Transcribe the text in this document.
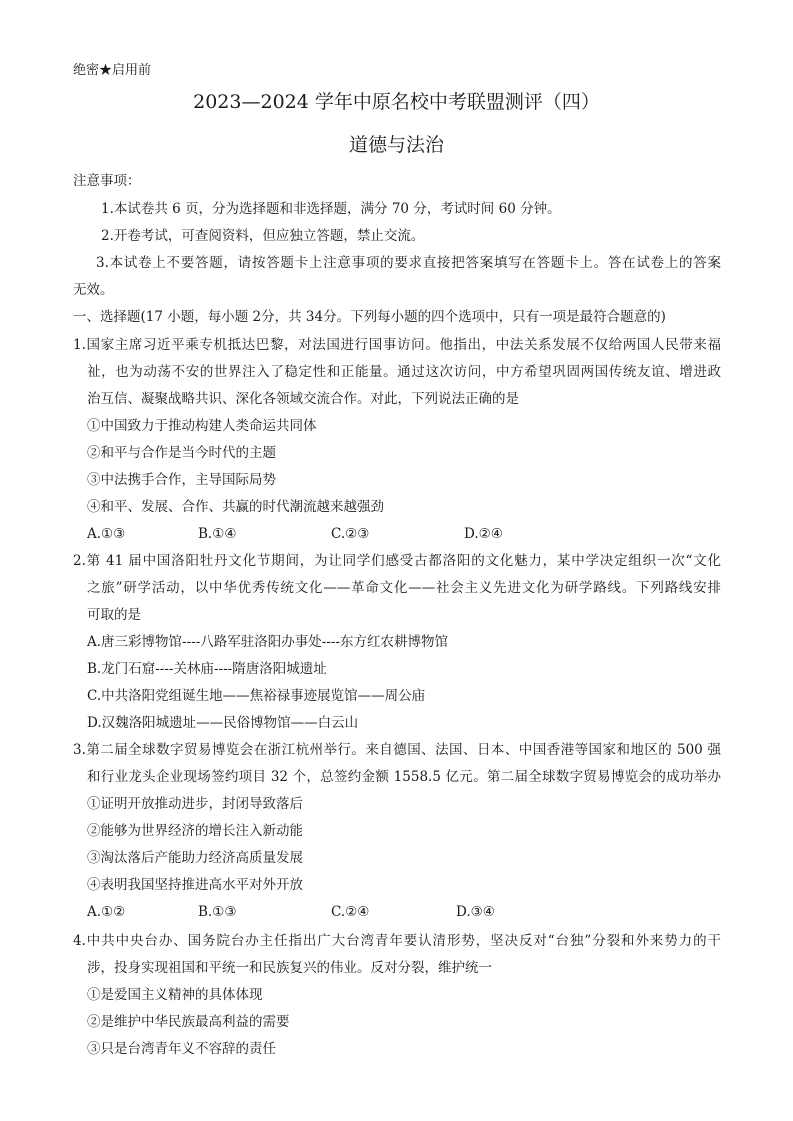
绝密★启用前
2023—2024 学年中原名校中考联盟测评（四）
道德与法治
注意事项：
1.本试卷共 6 页，分为选择题和非选择题，满分 70 分，考试时间 60 分钟。
2.开卷考试，可查阅资料，但应独立答题，禁止交流。
3.本试卷上不要答题，请按答题卡上注意事项的要求直接把答案填写在答题卡上。答在试卷上的答案
无效。
一、选择题(17 小题，每小题 2分，共 34分。下列每小题的四个选项中，只有一项是最符合题意的)
1.国家主席习近平乘专机抵达巴黎，对法国进行国事访问。他指出，中法关系发展不仅给两国人民带来福
祉，也为动荡不安的世界注入了稳定性和正能量。通过这次访问，中方希望巩固两国传统友谊、增进政
治互信、凝聚战略共识、深化各领域交流合作。对此，下列说法正确的是
①中国致力于推动构建人类命运共同体
②和平与合作是当今时代的主题
③中法携手合作，主导国际局势
④和平、发展、合作、共赢的时代潮流越来越强劲
A.①③	B.①④	C.②③	D.②④
2.第 41 届中国洛阳牡丹文化节期间，为让同学们感受古都洛阳的文化魅力，某中学决定组织一次“文化
之旅”研学活动，以中华优秀传统文化——革命文化——社会主义先进文化为研学路线。下列路线安排
可取的是
A.唐三彩博物馆----八路军驻洛阳办事处----东方红农耕博物馆
B.龙门石窟----关林庙----隋唐洛阳城遗址
C.中共洛阳党组诞生地——焦裕禄事迹展览馆——周公庙
D.汉魏洛阳城遗址——民俗博物馆——白云山
3.第二届全球数字贸易博览会在浙江杭州举行。来自德国、法国、日本、中国香港等国家和地区的 500 强
和行业龙头企业现场签约项目 32 个，总签约金额 1558.5 亿元。第二届全球数字贸易博览会的成功举办
①证明开放推动进步，封闭导致落后
②能够为世界经济的增长注入新动能
③淘汰落后产能助力经济高质量发展
④表明我国坚持推进高水平对外开放
A.①②	B.①③	C.②④	D.③④
4.中共中央台办、国务院台办主任指出广大台湾青年要认清形势，坚决反对“台独”分裂和外来势力的干
涉，投身实现祖国和平统一和民族复兴的伟业。反对分裂，维护统一
①是爱国主义精神的具体体现
②是维护中华民族最高利益的需要
③只是台湾青年义不容辞的责任
